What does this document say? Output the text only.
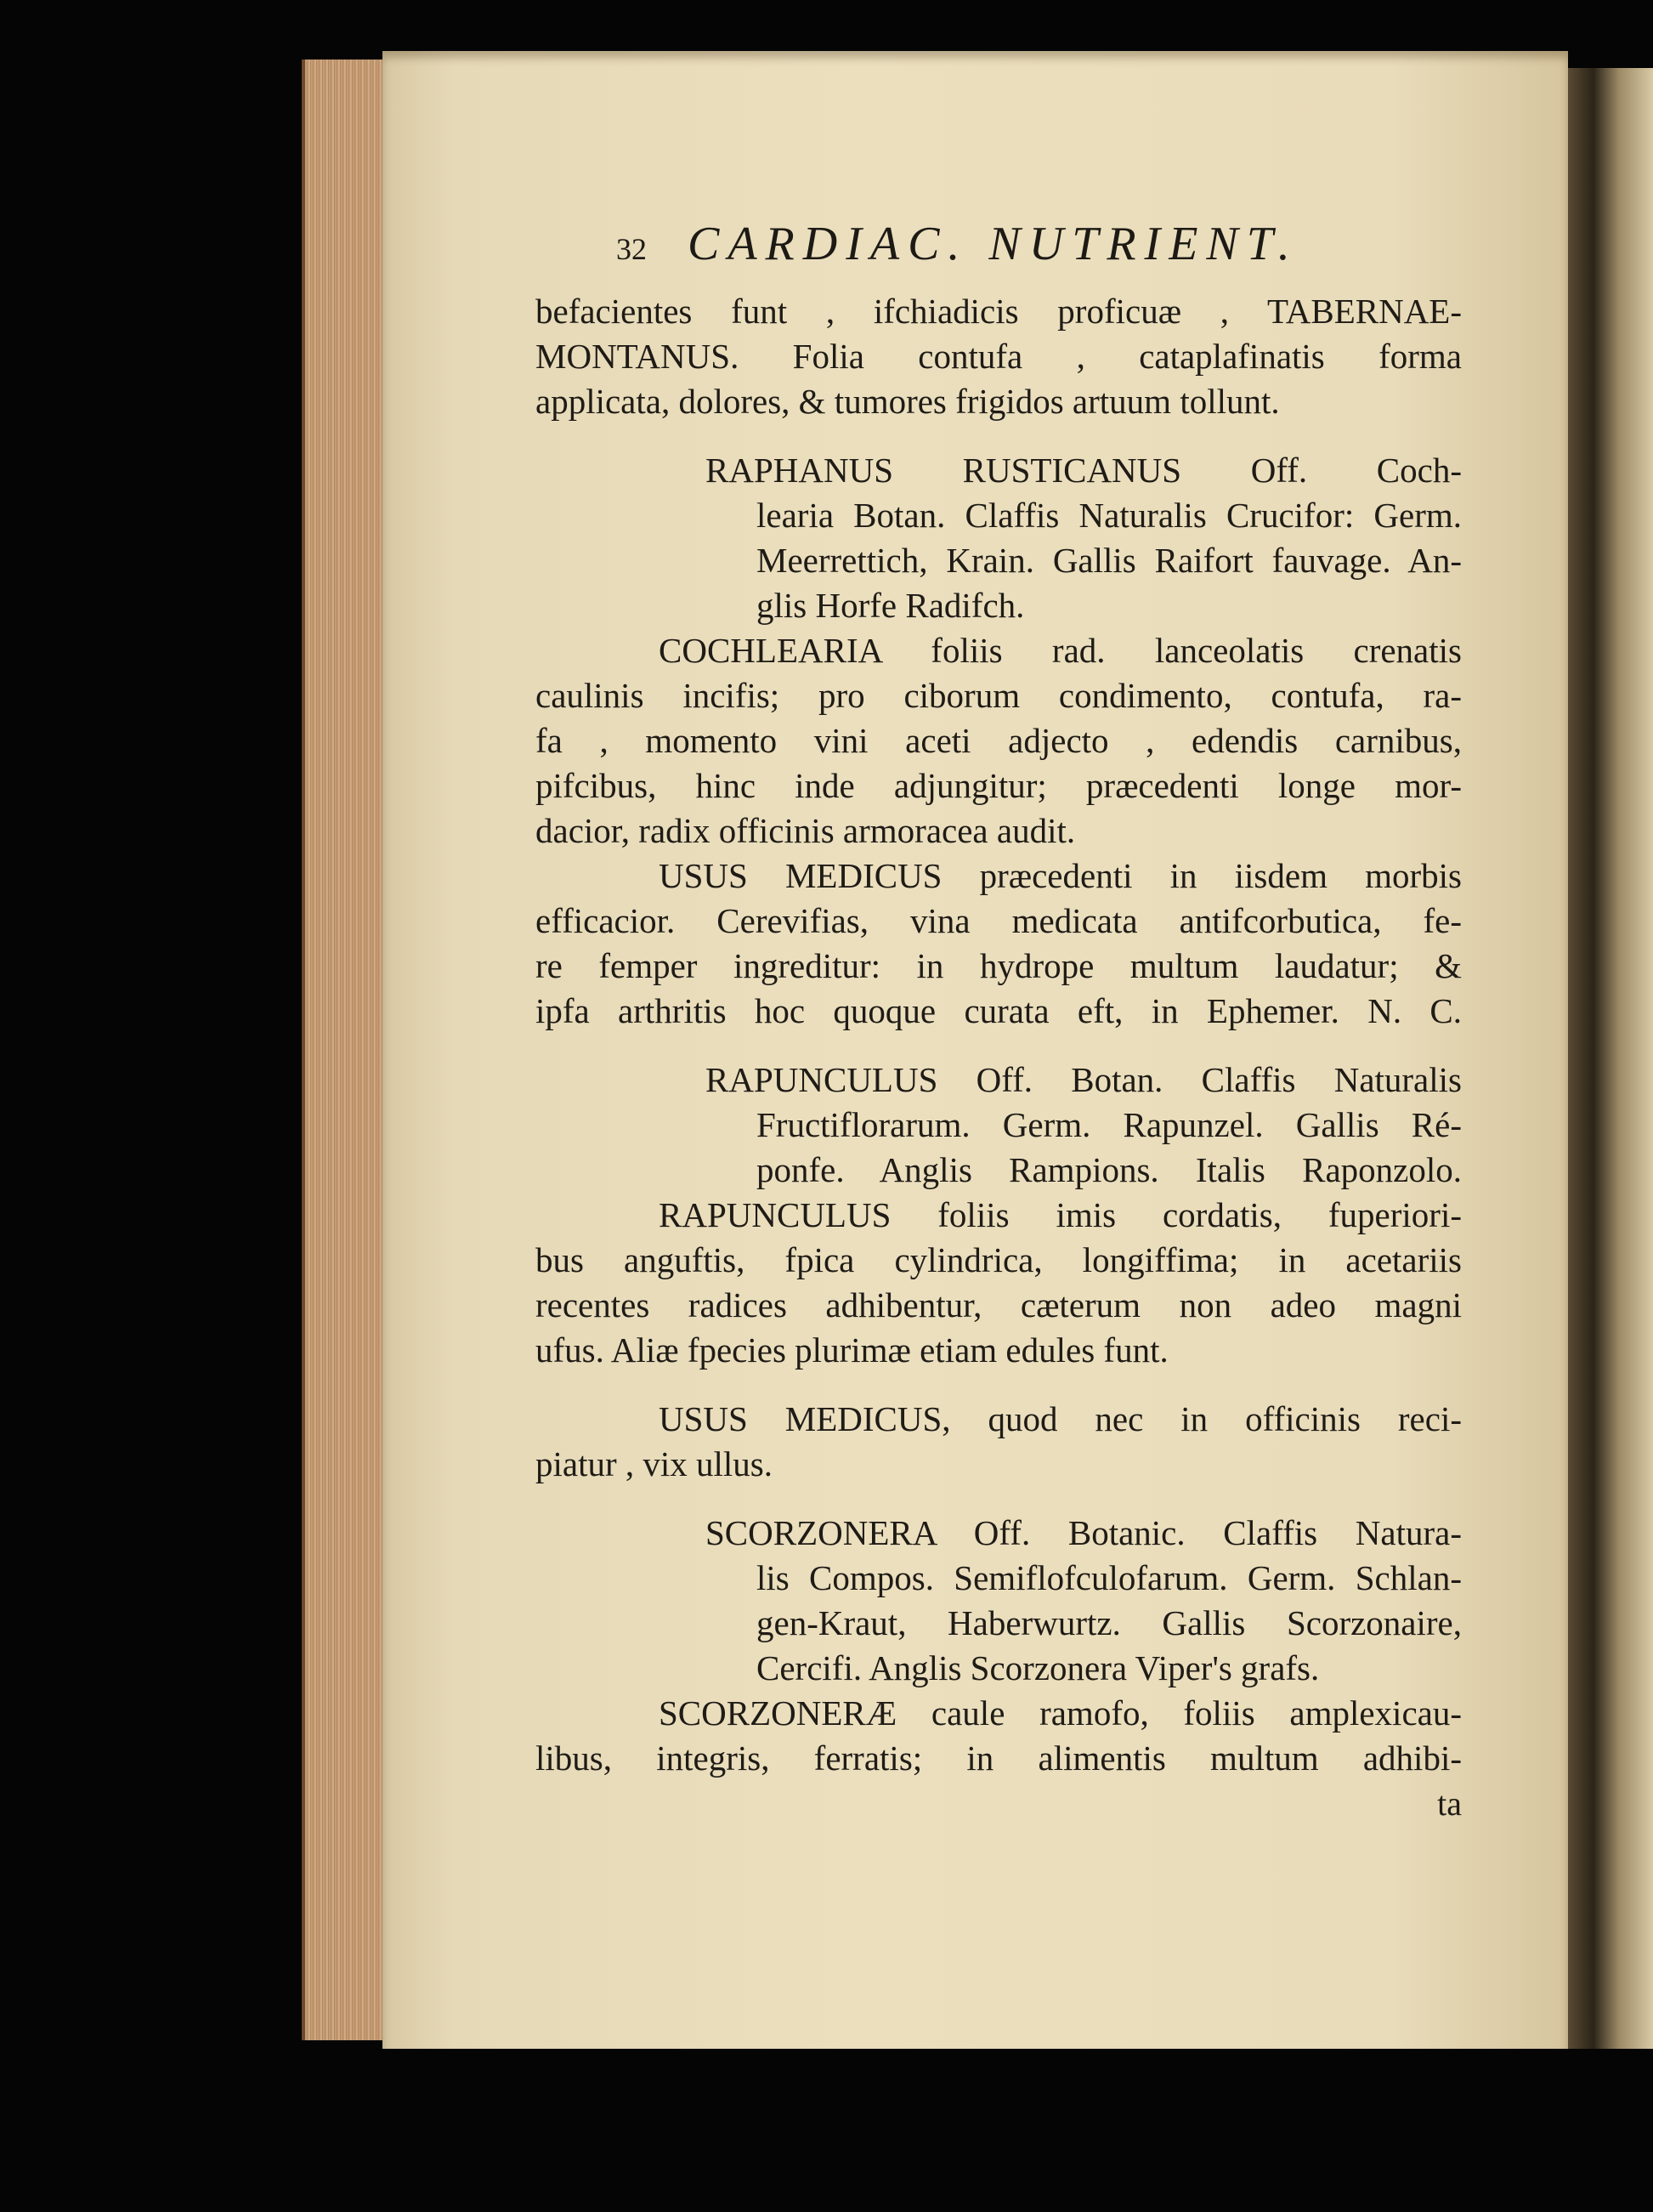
32 CARDIAC. NUTRIENT.
befacientes funt , ifchiadicis proficuæ , TABERNAE-
MONTANUS. Folia contufa , cataplafinatis forma
applicata, dolores, & tumores frigidos artuum tollunt.
RAPHANUS RUSTICANUS Off. Coch-
learia Botan. Claffis Naturalis Crucifor: Germ.
Meerrettich, Krain. Gallis Raifort fauvage. An-
glis Horfe Radifch.
COCHLEARIA foliis rad. lanceolatis crenatis
caulinis incifis; pro ciborum condimento, contufa, ra-
fa , momento vini aceti adjecto , edendis carnibus,
pifcibus, hinc inde adjungitur; præcedenti longe mor-
dacior, radix officinis armoracea audit.
USUS MEDICUS præcedenti in iisdem morbis
efficacior. Cerevifias, vina medicata antifcorbutica, fe-
re femper ingreditur: in hydrope multum laudatur; &
ipfa arthritis hoc quoque curata eft, in Ephemer. N. C.
RAPUNCULUS Off. Botan. Claffis Naturalis
Fructiflorarum. Germ. Rapunzel. Gallis Ré-
ponfe. Anglis Rampions. Italis Raponzolo.
RAPUNCULUS foliis imis cordatis, fuperiori-
bus anguftis, fpica cylindrica, longiffima; in acetariis
recentes radices adhibentur, cæterum non adeo magni
ufus. Aliæ fpecies plurimæ etiam edules funt.
USUS MEDICUS, quod nec in officinis reci-
piatur , vix ullus.
SCORZONERA Off. Botanic. Claffis Natura-
lis Compos. Semiflofculofarum. Germ. Schlan-
gen-Kraut, Haberwurtz. Gallis Scorzonaire,
Cercifi. Anglis Scorzonera Viper's grafs.
SCORZONERÆ caule ramofo, foliis amplexicau-
libus, integris, ferratis; in alimentis multum adhibi-
ta
